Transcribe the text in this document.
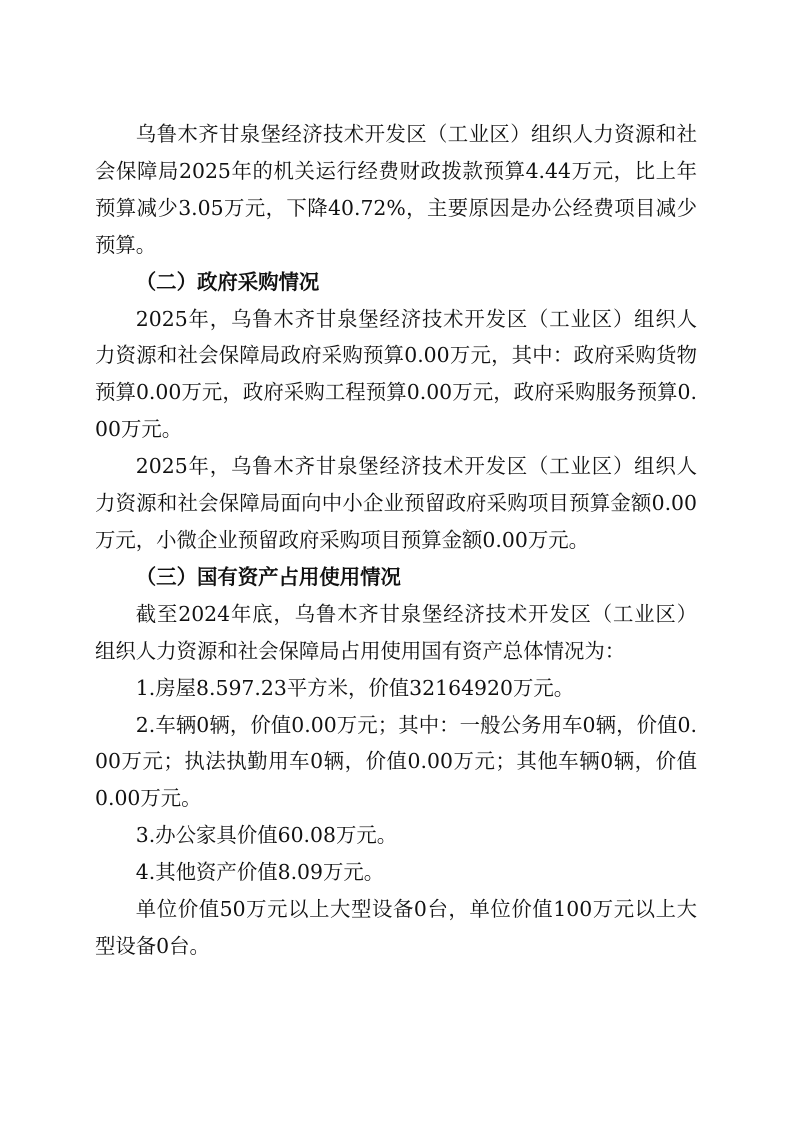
乌鲁木齐甘泉堡经济技术开发区（工业区）组织人力资源和社会保障局2025年的机关运行经费财政拨款预算4.44万元，比上年预算减少3.05万元，下降40.72%，主要原因是办公经费项目减少预算。

（二）政府采购情况

2025年，乌鲁木齐甘泉堡经济技术开发区（工业区）组织人力资源和社会保障局政府采购预算0.00万元，其中：政府采购货物预算0.00万元，政府采购工程预算0.00万元，政府采购服务预算0.00万元。

2025年，乌鲁木齐甘泉堡经济技术开发区（工业区）组织人力资源和社会保障局面向中小企业预留政府采购项目预算金额0.00万元，小微企业预留政府采购项目预算金额0.00万元。

（三）国有资产占用使用情况

截至2024年底，乌鲁木齐甘泉堡经济技术开发区（工业区）组织人力资源和社会保障局占用使用国有资产总体情况为：

1.房屋8.597.23平方米，价值32164920万元。

2.车辆0辆，价值0.00万元；其中：一般公务用车0辆，价值0.00万元；执法执勤用车0辆，价值0.00万元；其他车辆0辆，价值0.00万元。

3.办公家具价值60.08万元。

4.其他资产价值8.09万元。

单位价值50万元以上大型设备0台，单位价值100万元以上大型设备0台。
